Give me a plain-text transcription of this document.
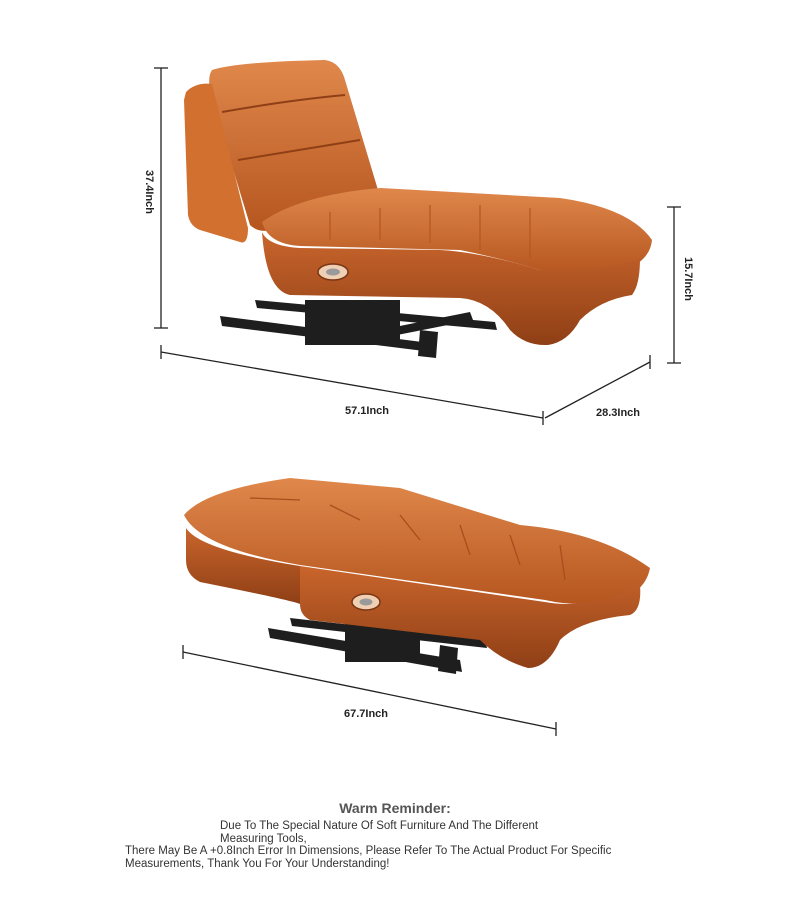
37.4Inch
15.7Inch
57.1Inch	28.3Inch
67.7Inch
Warm Reminder:
Due To The Special Nature Of Soft Furniture And The Different
Measuring Tools,
There May Be A +0.8Inch Error In Dimensions, Please Refer To The Actual Product For Specific
Measurements, Thank You For Your Understanding!
